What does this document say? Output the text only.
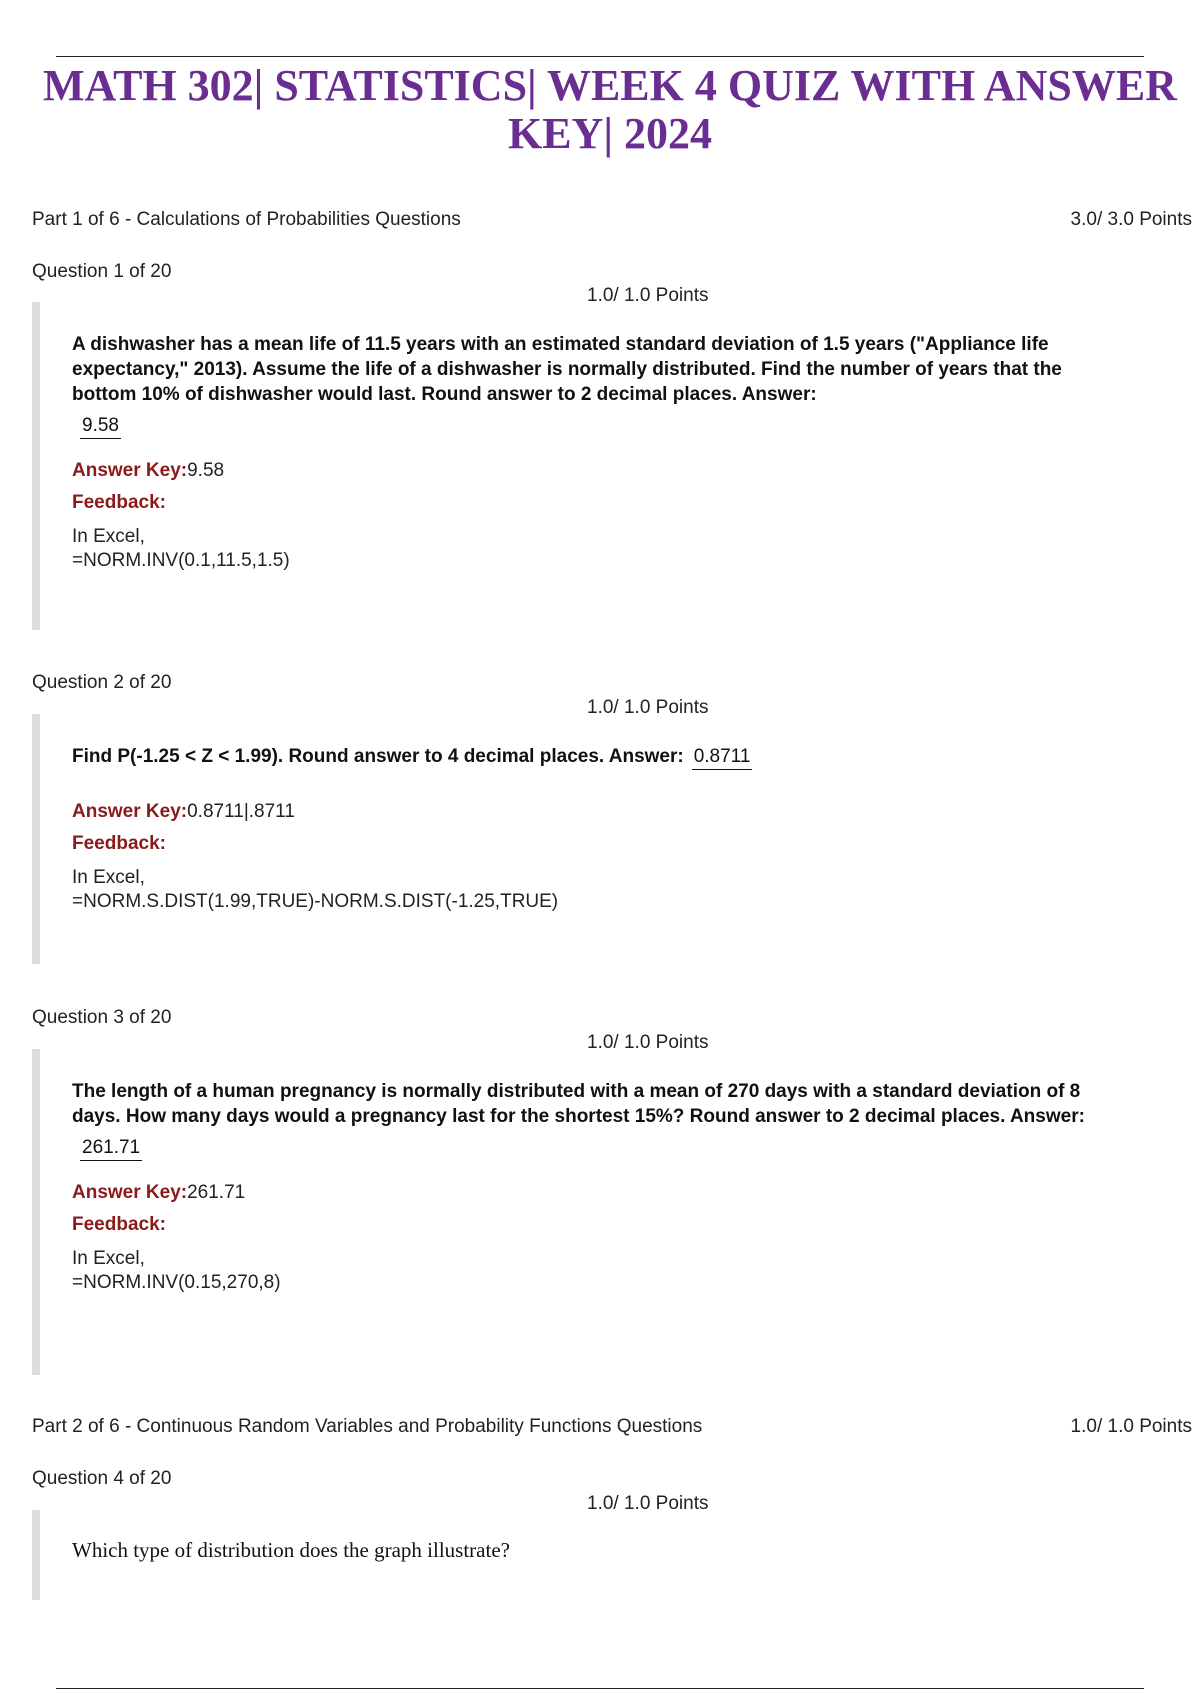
MATH 302| STATISTICS| WEEK 4 QUIZ WITH ANSWER
KEY| 2024
Part 1 of 6 - Calculations of Probabilities Questions	3.0/ 3.0 Points
Question 1 of 20
1.0/ 1.0 Points

A dishwasher has a mean life of 11.5 years with an estimated standard deviation of 1.5 years ("Appliance life expectancy," 2013). Assume the life of a dishwasher is normally distributed. Find the number of years that the bottom 10% of dishwasher would last. Round answer to 2 decimal places. Answer:

9.58

Answer Key:9.58

Feedback:

In Excel,

=NORM.INV(0.1,11.5,1.5)

Question 2 of 20
1.0/ 1.0 Points

Find P(-1.25 < Z < 1.99). Round answer to 4 decimal places. Answer: 0.8711

Answer Key:0.8711|.8711

Feedback:

In Excel,

=NORM.S.DIST(1.99,TRUE)-NORM.S.DIST(-1.25,TRUE)

Question 3 of 20
1.0/ 1.0 Points

The length of a human pregnancy is normally distributed with a mean of 270 days with a standard deviation of 8 days. How many days would a pregnancy last for the shortest 15%? Round answer to 2 decimal places. Answer:

261.71

Answer Key:261.71

Feedback:

In Excel,

=NORM.INV(0.15,270,8)

Part 2 of 6 - Continuous Random Variables and Probability Functions Questions	1.0/ 1.0 Points
Question 4 of 20
1.0/ 1.0 Points

Which type of distribution does the graph illustrate?
